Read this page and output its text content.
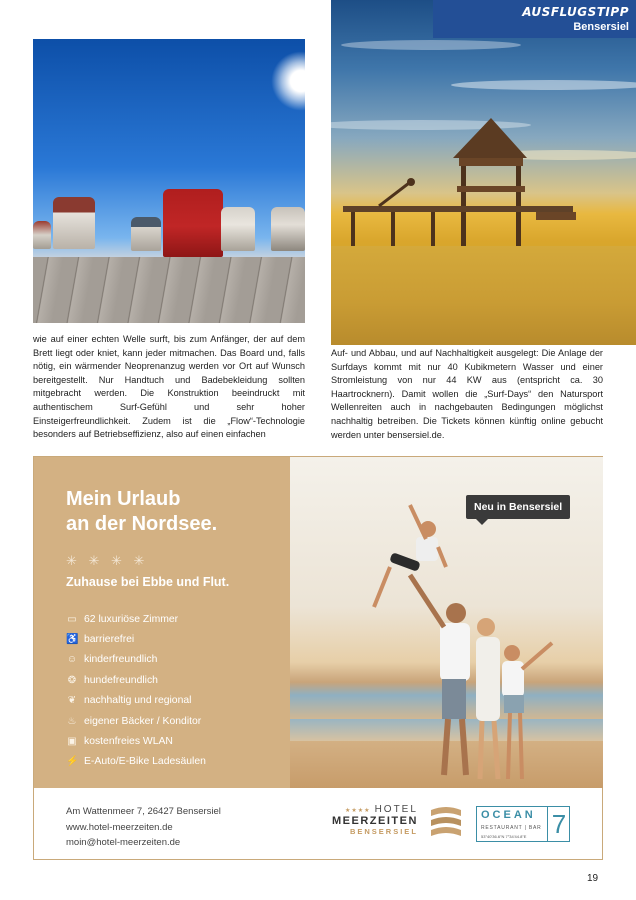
AUSFLUGSTIPP
Bensersiel

wie auf einer echten Welle surft, bis zum Anfänger, der auf dem Brett liegt oder kniet, kann jeder mitmachen. Das Board und, falls nötig, ein wärmender Neoprenanzug werden vor Ort auf Wunsch bereitgestellt. Nur Handtuch und Badebekleidung sollten mitgebracht werden. Die Konstruktion beeindruckt mit authentischem Surf-Gefühl und sehr hoher Einsteigerfreundlichkeit. Zudem ist die „Flow“-Technologie besonders auf Betriebseffizienz, also auf einen einfachen

Auf- und Abbau, und auf Nachhaltigkeit ausgelegt: Die Anlage der Surfdays kommt mit nur 40 Kubikmetern Wasser und einer Stromleistung von nur 44 KW aus (entspricht ca. 30 Haartrocknern). Damit wollen die „Surf-Days“ den Natursport Wellenreiten auch in nachgebauten Bedingungen möglichst nachhaltig betreiben. Die Tickets können künftig online gebucht werden unter bensersiel.de.

Mein Urlaub
an der Nordsee.
✳ ✳ ✳ ✳
Zuhause bei Ebbe und Flut.
▭ 62 luxuriöse Zimmer
♿ barrierefrei
☺ kinderfreundlich
❂ hundefreundlich
❦ nachhaltig und regional
♨ eigener Bäcker / Konditor
▣ kostenfreies WLAN
⚡ E-Auto/E-Bike Ladesäulen
Neu in Bensersiel
Am Wattenmeer 7, 26427 Bensersiel
www.hotel-meerzeiten.de
moin@hotel-meerzeiten.de
★★★★ HOTEL
MEERZEITEN
BENSERSIEL
OCEAN
RESTAURANT | BAR
53°40'36.6"N 7°34'44.8"E 7
19
